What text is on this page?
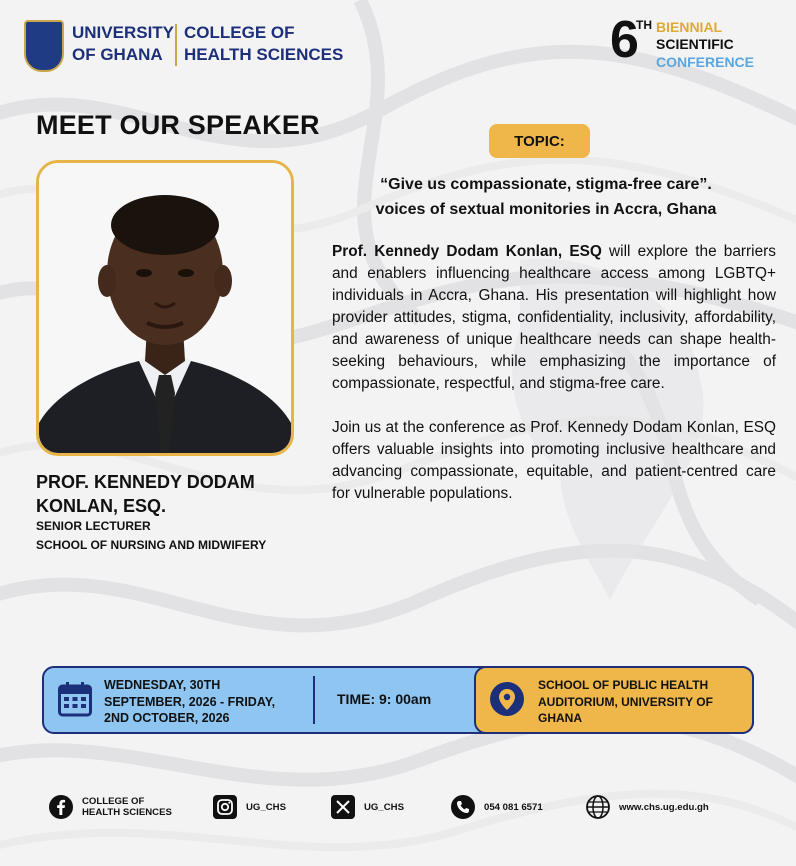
UNIVERSITY
OF GHANA
COLLEGE OF
HEALTH SCIENCES	6
TH BIENNIAL
SCIENTIFIC
CONFERENCE
MEET OUR SPEAKER
PROF. KENNEDY DODAM
KONLAN, ESQ.
SENIOR LECTURER
SCHOOL OF NURSING AND MIDWIFERY
TOPIC:
“Give us compassionate, stigma-free care”.
voices of sextual monitories in Accra, Ghana

Prof. Kennedy Dodam Konlan, ESQ will explore the barriers and enablers influencing healthcare access among LGBTQ+ individuals in Accra, Ghana. His presentation will highlight how provider attitudes, stigma, confidentiality, inclusivity, affordability, and awareness of unique healthcare needs can shape health-seeking behaviours, while emphasizing the importance of compassionate, respectful, and stigma-free care.

Join us at the conference as Prof. Kennedy Dodam Konlan, ESQ offers valuable insights into promoting inclusive healthcare and advancing compassionate, equitable, and patient-centred care for vulnerable populations.

WEDNESDAY, 30TH
SEPTEMBER, 2026 - FRIDAY,
2ND OCTOBER, 2026
TIME: 9: 00am
SCHOOL OF PUBLIC HEALTH
AUDITORIUM, UNIVERSITY OF
GHANA
COLLEGE OF
HEALTH SCIENCES	UG_CHS	UG_CHS	054 081 6571	www.chs.ug.edu.gh
